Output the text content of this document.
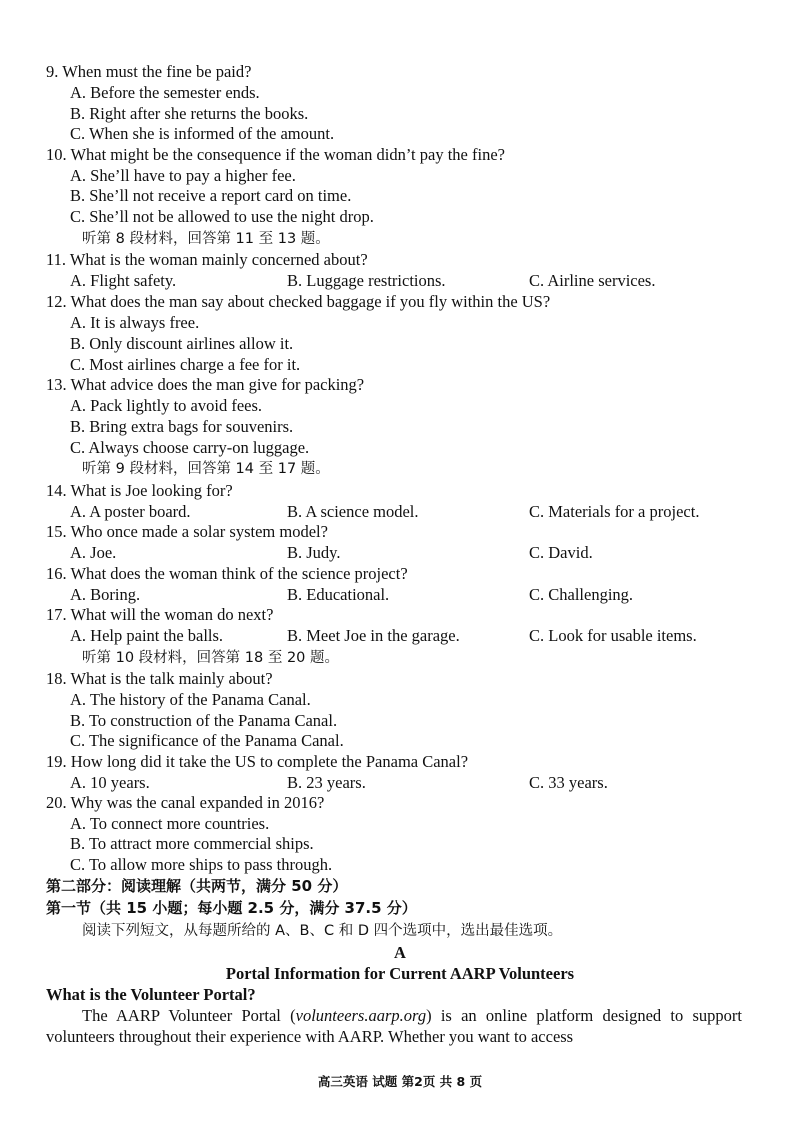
9. When must the fine be paid?
A. Before the semester ends.
B. Right after she returns the books.
C. When she is informed of the amount.
10. What might be the consequence if the woman didn’t pay the fine?
A. She’ll have to pay a higher fee.
B. She’ll not receive a report card on time.
C. She’ll not be allowed to use the night drop.
听第 8 段材料，回答第 11 至 13 题。
11. What is the woman mainly concerned about?
A. Flight safety.	B. Luggage restrictions.	C. Airline services.
12. What does the man say about checked baggage if you fly within the US?
A. It is always free.
B. Only discount airlines allow it.
C. Most airlines charge a fee for it.
13. What advice does the man give for packing?
A. Pack lightly to avoid fees.
B. Bring extra bags for souvenirs.
C. Always choose carry-on luggage.
听第 9 段材料，回答第 14 至 17 题。
14. What is Joe looking for?
A. A poster board.	B. A science model.	C. Materials for a project.
15. Who once made a solar system model?
A. Joe.	B. Judy.	C. David.
16. What does the woman think of the science project?
A. Boring.	B. Educational.	C. Challenging.
17. What will the woman do next?
A. Help paint the balls.	B. Meet Joe in the garage.	C. Look for usable items.
听第 10 段材料，回答第 18 至 20 题。
18. What is the talk mainly about?
A. The history of the Panama Canal.
B. To construction of the Panama Canal.
C. The significance of the Panama Canal.
19. How long did it take the US to complete the Panama Canal?
A. 10 years.	B. 23 years.	C. 33 years.
20. Why was the canal expanded in 2016?
A. To connect more countries.
B. To attract more commercial ships.
C. To allow more ships to pass through.
第二部分：阅读理解（共两节，满分 50 分）
第一节（共 15 小题；每小题 2.5 分，满分 37.5 分）
阅读下列短文，从每题所给的 A、B、C 和 D 四个选项中，选出最佳选项。
A
Portal Information for Current AARP Volunteers
What is the Volunteer Portal?
The AARP Volunteer Portal (volunteers.aarp.org) is an online platform designed to support volunteers throughout their experience with AARP. Whether you want to access
高三英语 试题 第2页 共 8 页
